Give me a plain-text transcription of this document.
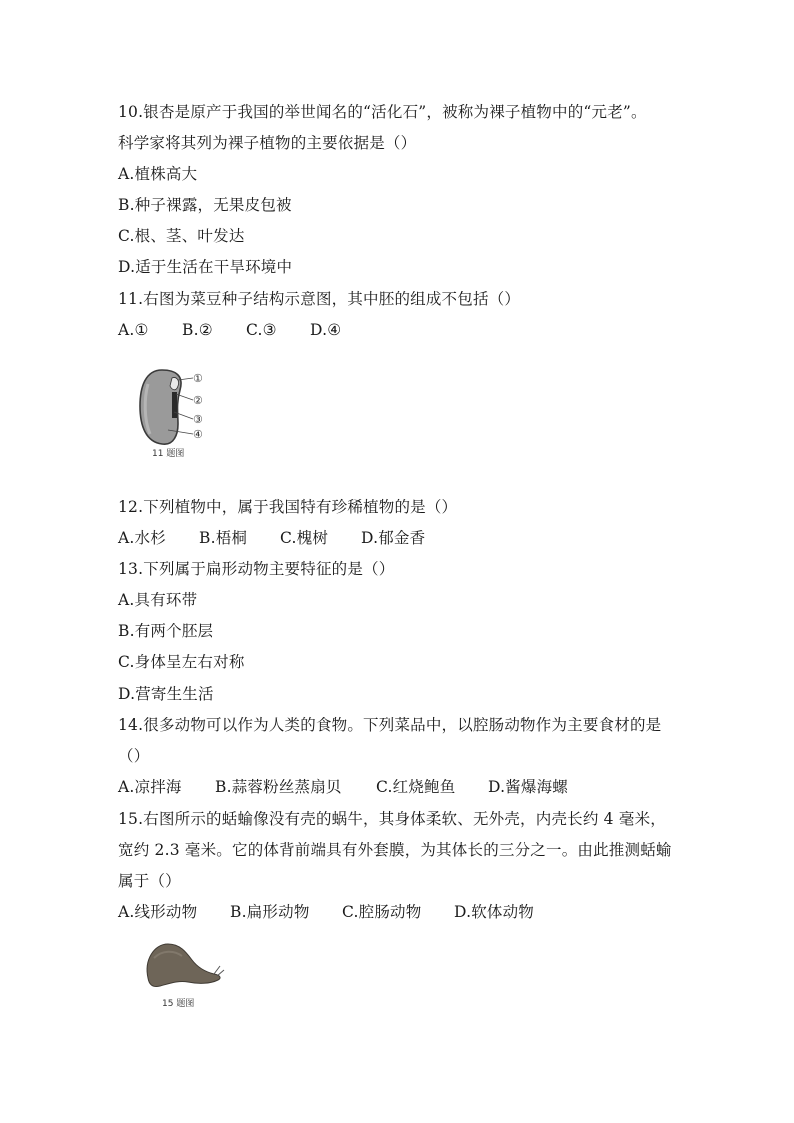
10.银杏是原产于我国的举世闻名的“活化石”，被称为裸子植物中的“元老”。
科学家将其列为裸子植物的主要依据是（）
A.植株高大
B.种子裸露，无果皮包被
C.根、茎、叶发达
D.适于生活在干旱环境中
11.右图为菜豆种子结构示意图，其中胚的组成不包括（）
A.① B.② C.③ D.④
①
②
③
④
11 题图
12.下列植物中，属于我国特有珍稀植物的是（）
A.水杉 B.梧桐 C.槐树 D.郁金香
13.下列属于扁形动物主要特征的是（）
A.具有环带
B.有两个胚层
C.身体呈左右对称
D.营寄生生活
14.很多动物可以作为人类的食物。下列菜品中，以腔肠动物作为主要食材的是
（）
A.凉拌海 B.蒜蓉粉丝蒸扇贝 C.红烧鲍鱼 D.酱爆海螺
15.右图所示的蛞蝓像没有壳的蜗牛，其身体柔软、无外壳，内壳长约 4 毫米，
宽约 2.3 毫米。它的体背前端具有外套膜，为其体长的三分之一。由此推测蛞蝓
属于（）
A.线形动物 B.扁形动物 C.腔肠动物 D.软体动物
15 题图
